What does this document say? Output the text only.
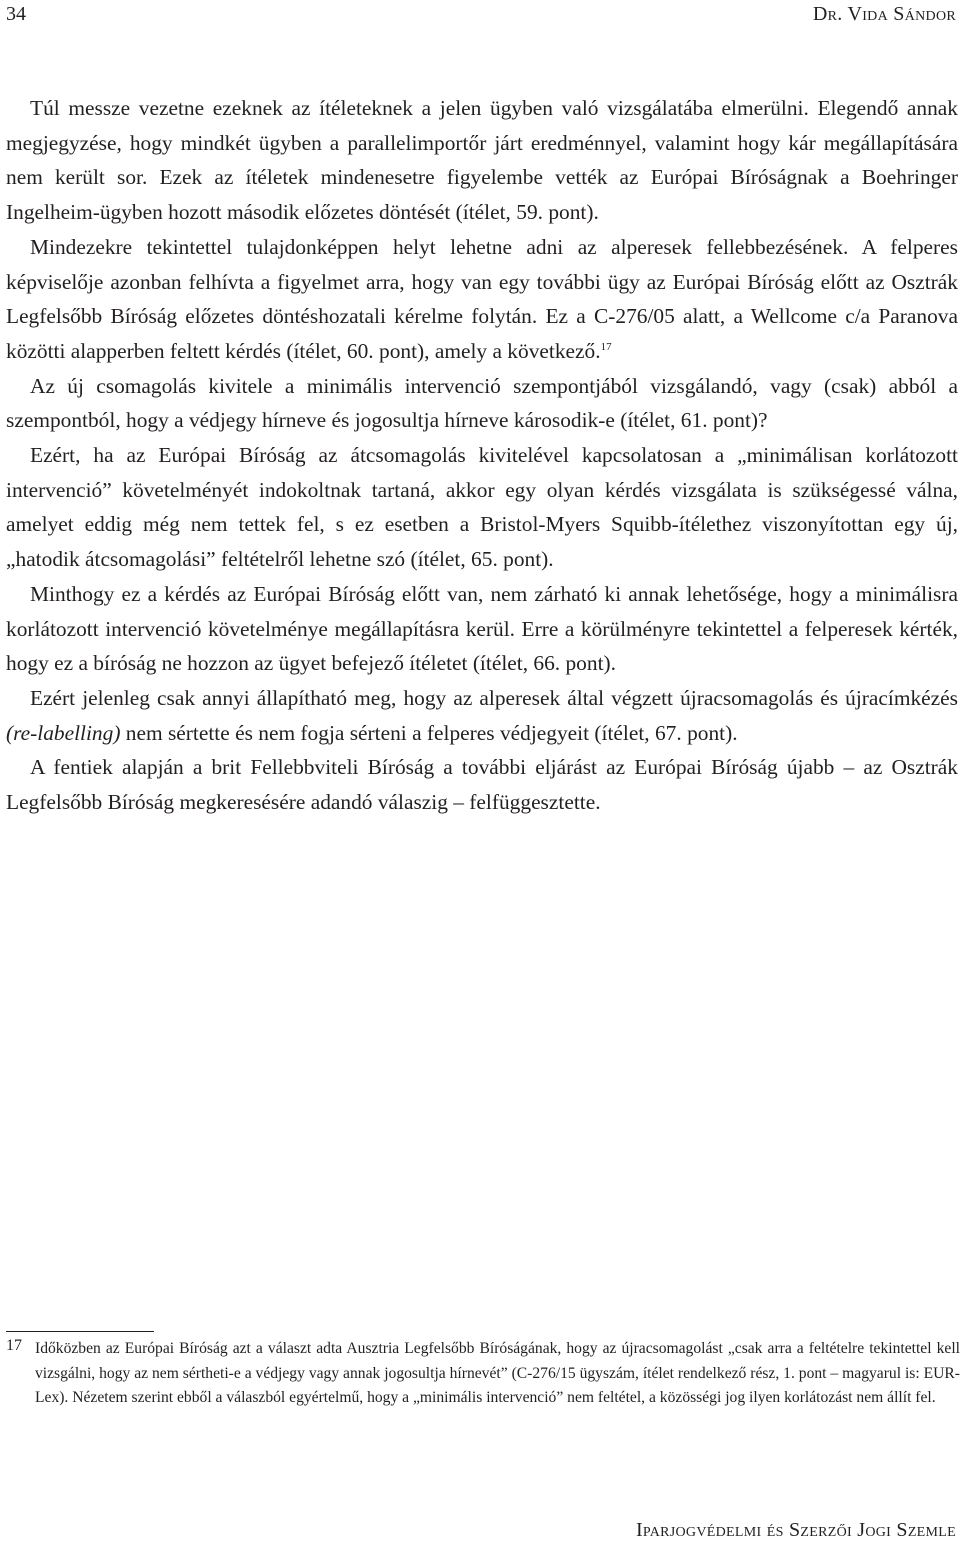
34	Dr. Vida Sándor

Túl messze vezetne ezeknek az ítéleteknek a jelen ügyben való vizsgálatába elmerülni. Elegendő annak megjegyzése, hogy mindkét ügyben a parallelimportőr járt eredménnyel, valamint hogy kár megállapítására nem került sor. Ezek az ítéletek mindenesetre figyelembe vették az Európai Bíróságnak a Boehringer Ingelheim-ügyben hozott második előzetes döntését (ítélet, 59. pont).

Mindezekre tekintettel tulajdonképpen helyt lehetne adni az alperesek fellebbezésének. A felperes képviselője azonban felhívta a figyelmet arra, hogy van egy további ügy az Európai Bíróság előtt az Osztrák Legfelsőbb Bíróság előzetes döntéshozatali kérelme folytán. Ez a C-276/05 alatt, a Wellcome c/a Paranova közötti alapperben feltett kérdés (ítélet, 60. pont), amely a következő.$^{17}$

Az új csomagolás kivitele a minimális intervenció szempontjából vizsgálandó, vagy (csak) abból a szempontból, hogy a védjegy hírneve és jogosultja hírneve károsodik-e (ítélet, 61. pont)?

Ezért, ha az Európai Bíróság az átcsomagolás kivitelével kapcsolatosan a „minimálisan korlátozott intervenció” követelményét indokoltnak tartaná, akkor egy olyan kérdés vizsgálata is szükségessé válna, amelyet eddig még nem tettek fel, s ez esetben a Bristol-Myers Squibb-ítélethez viszonyítottan egy új, „hatodik átcsomagolási” feltételről lehetne szó (ítélet, 65. pont).

Minthogy ez a kérdés az Európai Bíróság előtt van, nem zárható ki annak lehetősége, hogy a minimálisra korlátozott intervenció követelménye megállapításra kerül. Erre a körülményre tekintettel a felperesek kérték, hogy ez a bíróság ne hozzon az ügyet befejező ítéletet (ítélet, 66. pont).

Ezért jelenleg csak annyi állapítható meg, hogy az alperesek által végzett újracsomagolás és újracímkézés (re-labelling) nem sértette és nem fogja sérteni a felperes védjegyeit (ítélet, 67. pont).

A fentiek alapján a brit Fellebbviteli Bíróság a további eljárást az Európai Bíróság újabb – az Osztrák Legfelsőbb Bíróság megkeresésére adandó válaszig – felfüggesztette.

17 Időközben az Európai Bíróság azt a választ adta Ausztria Legfelsőbb Bíróságának, hogy az újracsomagolást „csak arra a feltételre tekintettel kell vizsgálni, hogy az nem sértheti-e a védjegy vagy annak jogosultja hírnevét” (C-276/15 ügyszám, ítélet rendelkező rész, 1. pont – magyarul is: EUR-Lex). Nézetem szerint ebből a válaszból egyértelmű, hogy a „minimális intervenció” nem feltétel, a közösségi jog ilyen korlátozást nem állít fel.
Iparjogvédelmi és Szerzői Jogi Szemle
